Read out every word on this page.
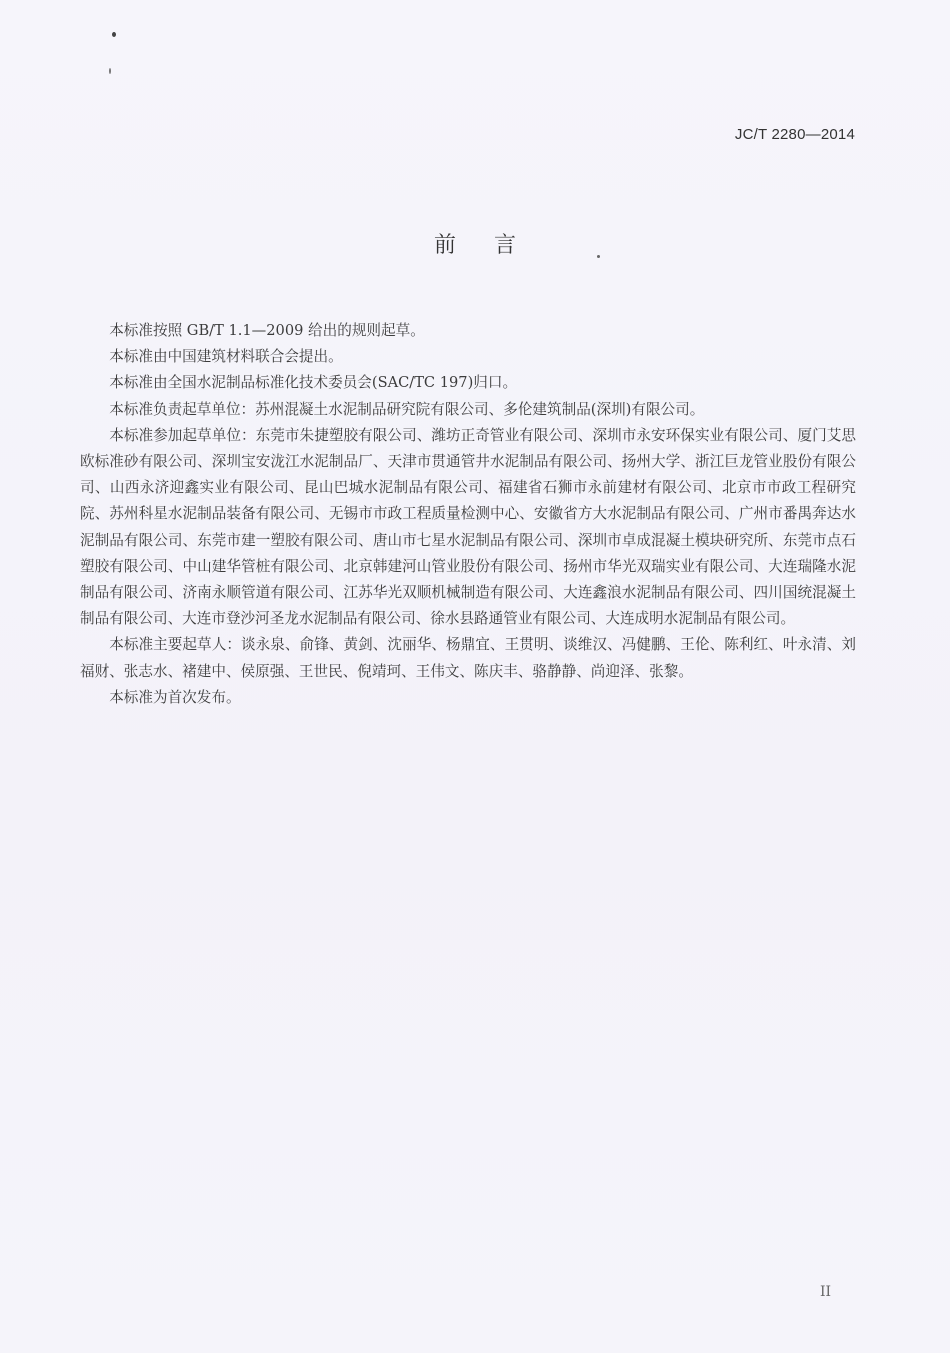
JC/T 2280—2014
前言

本标准按照 GB/T 1.1—2009 给出的规则起草。

本标准由中国建筑材料联合会提出。

本标准由全国水泥制品标准化技术委员会(SAC/TC 197)归口。

本标准负责起草单位：苏州混凝土水泥制品研究院有限公司、多伦建筑制品(深圳)有限公司。

本标准参加起草单位：东莞市朱捷塑胶有限公司、潍坊正奇管业有限公司、深圳市永安环保实业有限公司、厦门艾思欧标准砂有限公司、深圳宝安泷江水泥制品厂、天津市贯通管井水泥制品有限公司、扬州大学、浙江巨龙管业股份有限公司、山西永济迎鑫实业有限公司、昆山巴城水泥制品有限公司、福建省石狮市永前建材有限公司、北京市市政工程研究院、苏州科星水泥制品装备有限公司、无锡市市政工程质量检测中心、安徽省方大水泥制品有限公司、广州市番禺奔达水泥制品有限公司、东莞市建一塑胶有限公司、唐山市七星水泥制品有限公司、深圳市卓成混凝土模块研究所、东莞市点石塑胶有限公司、中山建华管桩有限公司、北京韩建河山管业股份有限公司、扬州市华光双瑞实业有限公司、大连瑞隆水泥制品有限公司、济南永顺管道有限公司、江苏华光双顺机械制造有限公司、大连鑫浪水泥制品有限公司、四川国统混凝土制品有限公司、大连市登沙河圣龙水泥制品有限公司、徐水县路通管业有限公司、大连成明水泥制品有限公司。

本标准主要起草人：谈永泉、俞锋、黄剑、沈丽华、杨鼎宜、王贯明、谈维汉、冯健鹏、王伦、陈利红、叶永清、刘福财、张志水、褚建中、侯原强、王世民、倪靖珂、王伟文、陈庆丰、骆静静、尚迎泽、张黎。

本标准为首次发布。

II
